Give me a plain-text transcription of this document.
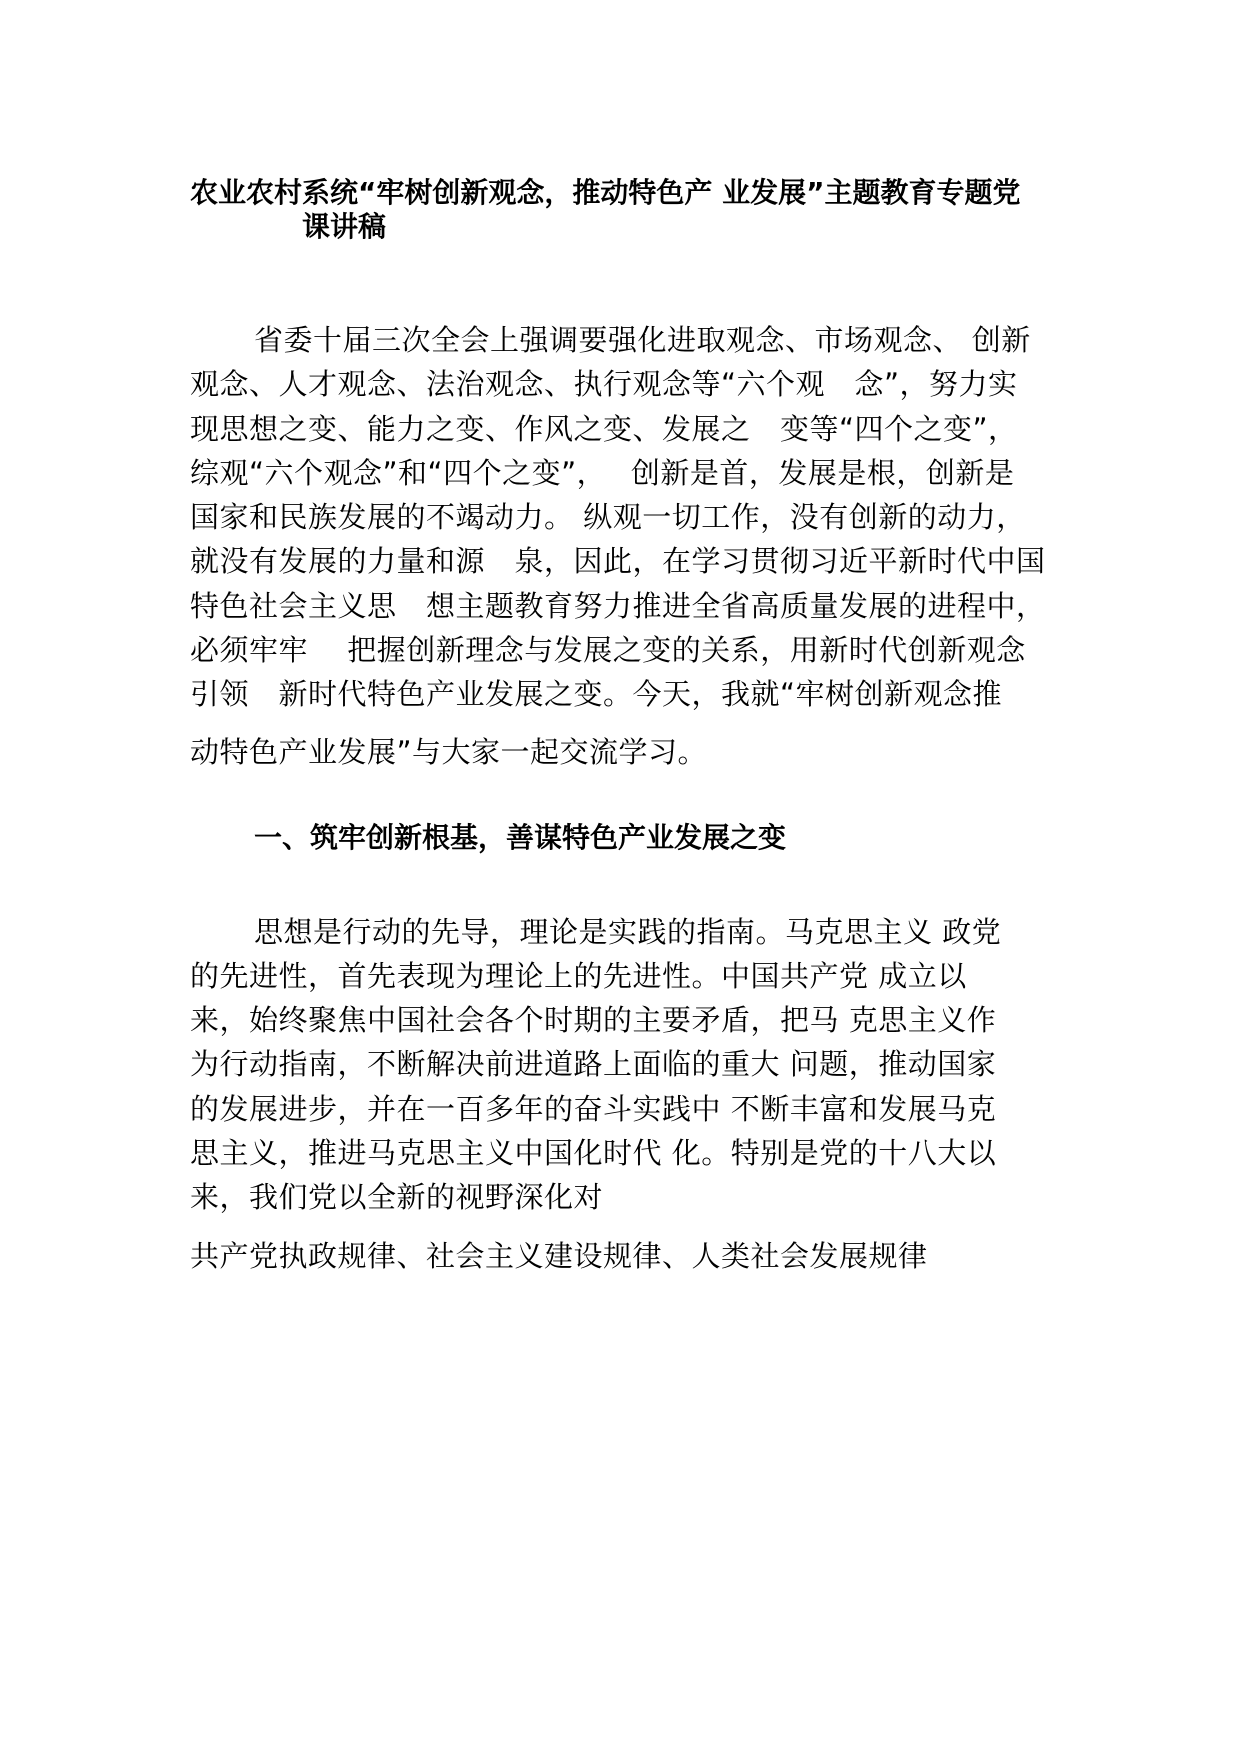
农业农村系统“牢树创新观念，推动特色产 业发展”主题教育专题党
课讲稿
省委十届三次全会上强调要强化进取观念、市场观念、 创新
观念、人才观念、法治观念、执行观念等“六个观　念”，努力实
现思想之变、能力之变、作风之变、发展之　变等“四个之变”，
综观“六个观念”和“四个之变”，　 创新是首，发展是根，创新是
国家和民族发展的不竭动力。 纵观一切工作，没有创新的动力，
就没有发展的力量和源　泉，因此，在学习贯彻习近平新时代中国
特色社会主义思　想主题教育努力推进全省高质量发展的进程中，
必须牢牢　 把握创新理念与发展之变的关系，用新时代创新观念
引领　新时代特色产业发展之变。今天，我就“牢树创新观念推
动特色产业发展”与大家一起交流学习。
一、筑牢创新根基，善谋特色产业发展之变
思想是行动的先导，理论是实践的指南。马克思主义 政党
的先进性，首先表现为理论上的先进性。中国共产党 成立以
来，始终聚焦中国社会各个时期的主要矛盾，把马 克思主义作
为行动指南，不断解决前进道路上面临的重大 问题，推动国家
的发展进步，并在一百多年的奋斗实践中 不断丰富和发展马克
思主义，推进马克思主义中国化时代 化。特别是党的十八大以
来，我们党以全新的视野深化对
共产党执政规律、社会主义建设规律、人类社会发展规律
